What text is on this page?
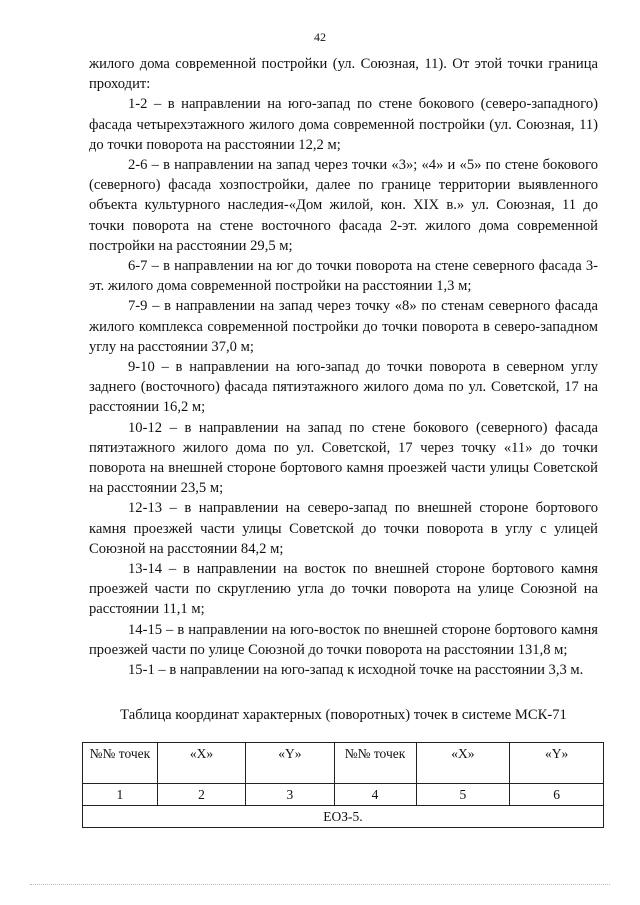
42

жилого дома современной постройки (ул. Союзная, 11). От этой точки граница проходит:

1-2 – в направлении на юго-запад по стене бокового (северо-западного) фасада четырехэтажного жилого дома современной постройки (ул. Союзная, 11) до точки поворота на расстоянии 12,2 м;

2-6 – в направлении на запад через точки «3»; «4» и «5» по стене бокового (северного) фасада хозпостройки, далее по границе территории выявленного объекта культурного наследия-«Дом жилой, кон. XIX в.» ул. Союзная, 11 до точки поворота на стене восточного фасада 2-эт. жилого дома современной постройки на расстоянии 29,5 м;

6-7 – в направлении на юг до точки поворота на стене северного фасада 3-эт. жилого дома современной постройки на расстоянии 1,3 м;

7-9 – в направлении на запад через точку «8» по стенам северного фасада жилого комплекса современной постройки до точки поворота в северо-западном углу на расстоянии 37,0 м;

9-10 – в направлении на юго-запад до точки поворота в северном углу заднего (восточного) фасада пятиэтажного жилого дома по ул. Советской, 17 на расстоянии 16,2 м;

10-12 – в направлении на запад по стене бокового (северного) фасада пятиэтажного жилого дома по ул. Советской, 17 через точку «11» до точки поворота на внешней стороне бортового камня проезжей части улицы Советской на расстоянии 23,5 м;

12-13 – в направлении на северо-запад по внешней стороне бортового камня проезжей части улицы Советской до точки поворота в углу с улицей Союзной на расстоянии 84,2 м;

13-14 – в направлении на восток по внешней стороне бортового камня проезжей части по скруглению угла до точки поворота на улице Союзной на расстоянии 11,1 м;

14-15 – в направлении на юго-восток по внешней стороне бортового камня проезжей части по улице Союзной до точки поворота на расстоянии 131,8 м;

15-1 – в направлении на юго-запад к исходной точке на расстоянии 3,3 м.

Таблица координат характерных (поворотных) точек в системе МСК-71
№№ точек	«X»	«Y»	№№ точек	«X»	«Y»
1	2	3	4	5	6
ЕОЗ-5.					
